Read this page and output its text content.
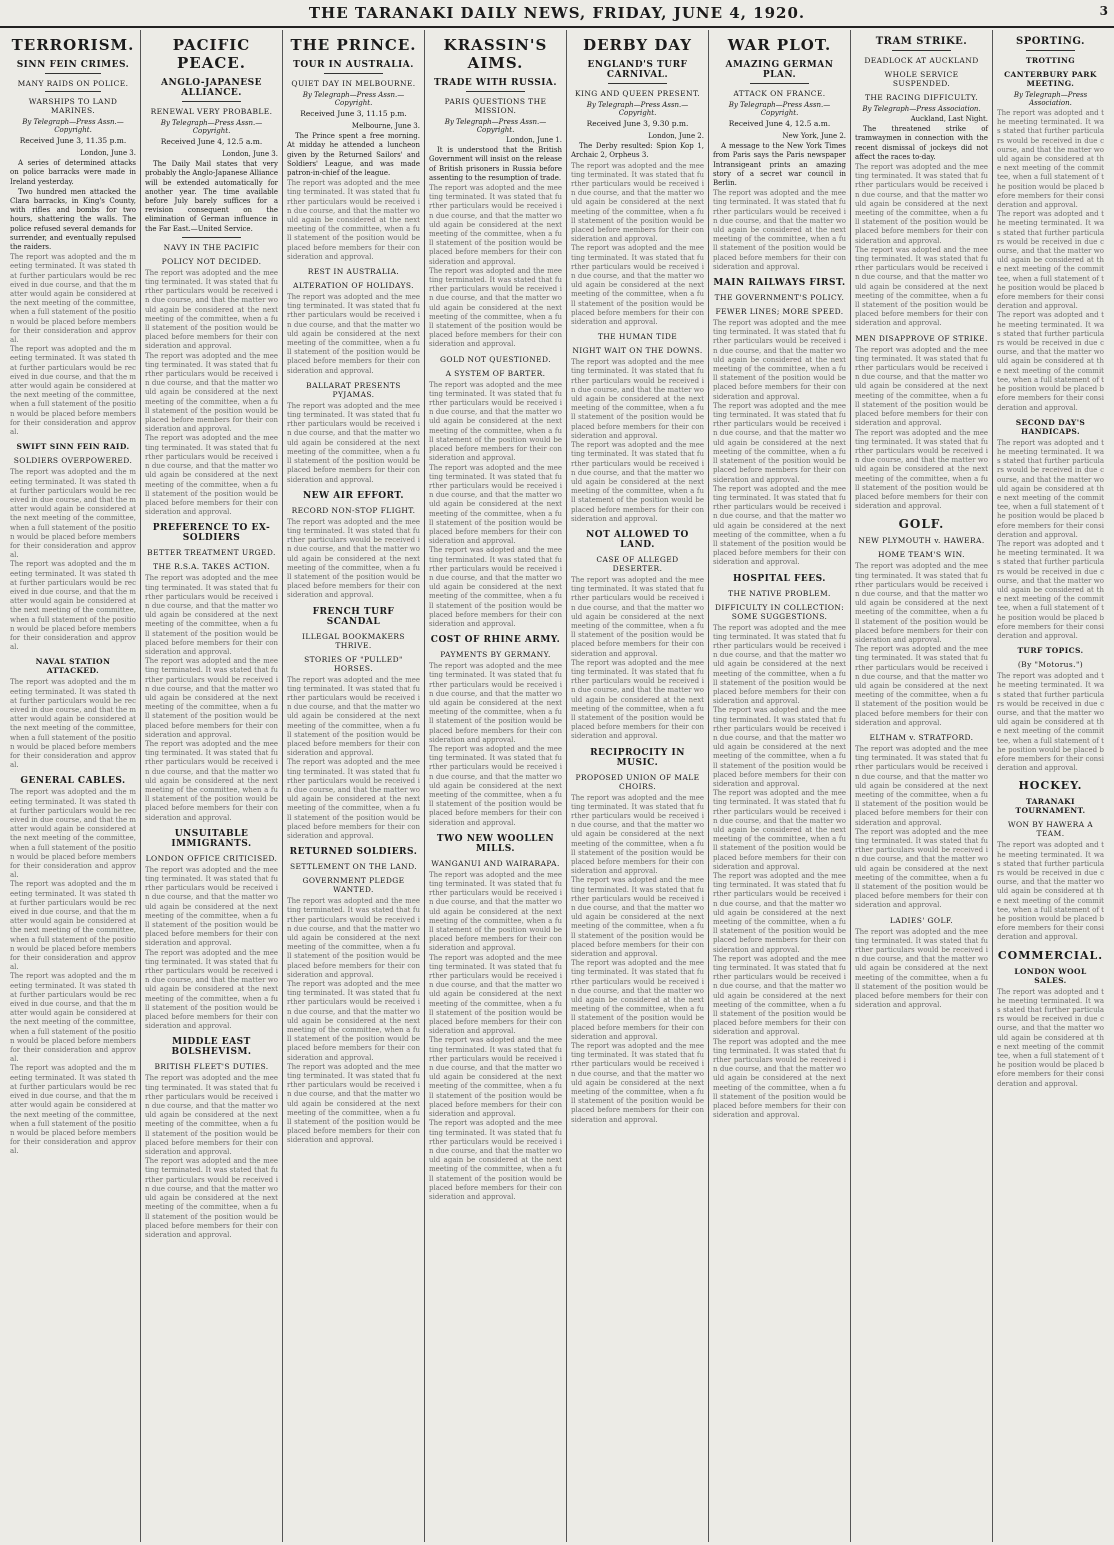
THE TARANAKI DAILY NEWS, FRIDAY, JUNE 4, 1920.	3
TERRORISM.
SINN FEIN CRIMES.
MANY RAIDS ON POLICE.
WARSHIPS TO LAND MARINES.
By Telegraph—Press Assn.—Copyright.
Received June 3, 11.35 p.m.

London, June 3.

A series of determined attacks on police barracks were made in Ireland yesterday.

Two hundred men attacked the Clara barracks, in King's County, with rifles and bombs for two hours, shattering the walls. The police refused several demands for surrender, and eventually repulsed the raiders.

The report was adopted and the meeting terminated. It was stated that further particulars would be received in due course, and that the matter would again be considered at the next meeting of the committee, when a full statement of the position would be placed before members for their consideration and approval.
The report was adopted and the meeting terminated. It was stated that further particulars would be received in due course, and that the matter would again be considered at the next meeting of the committee, when a full statement of the position would be placed before members for their consideration and approval.
SWIFT SINN FEIN RAID.
SOLDIERS OVERPOWERED.
The report was adopted and the meeting terminated. It was stated that further particulars would be received in due course, and that the matter would again be considered at the next meeting of the committee, when a full statement of the position would be placed before members for their consideration and approval.
The report was adopted and the meeting terminated. It was stated that further particulars would be received in due course, and that the matter would again be considered at the next meeting of the committee, when a full statement of the position would be placed before members for their consideration and approval.
NAVAL STATION ATTACKED.
The report was adopted and the meeting terminated. It was stated that further particulars would be received in due course, and that the matter would again be considered at the next meeting of the committee, when a full statement of the position would be placed before members for their consideration and approval.
GENERAL CABLES.
The report was adopted and the meeting terminated. It was stated that further particulars would be received in due course, and that the matter would again be considered at the next meeting of the committee, when a full statement of the position would be placed before members for their consideration and approval.
The report was adopted and the meeting terminated. It was stated that further particulars would be received in due course, and that the matter would again be considered at the next meeting of the committee, when a full statement of the position would be placed before members for their consideration and approval.
The report was adopted and the meeting terminated. It was stated that further particulars would be received in due course, and that the matter would again be considered at the next meeting of the committee, when a full statement of the position would be placed before members for their consideration and approval.
The report was adopted and the meeting terminated. It was stated that further particulars would be received in due course, and that the matter would again be considered at the next meeting of the committee, when a full statement of the position would be placed before members for their consideration and approval.
PACIFIC PEACE.
ANGLO-JAPANESE ALLIANCE.
RENEWAL VERY PROBABLE.
By Telegraph—Press Assn.—Copyright.
Received June 4, 12.5 a.m.

London, June 3.

The Daily Mail states that very probably the Anglo-Japanese Alliance will be extended automatically for another year. The time available before July barely suffices for a revision consequent on the elimination of German influence in the Far East.—United Service.

NAVY IN THE PACIFIC
POLICY NOT DECIDED.
The report was adopted and the meeting terminated. It was stated that further particulars would be received in due course, and that the matter would again be considered at the next meeting of the committee, when a full statement of the position would be placed before members for their consideration and approval.
The report was adopted and the meeting terminated. It was stated that further particulars would be received in due course, and that the matter would again be considered at the next meeting of the committee, when a full statement of the position would be placed before members for their consideration and approval.
The report was adopted and the meeting terminated. It was stated that further particulars would be received in due course, and that the matter would again be considered at the next meeting of the committee, when a full statement of the position would be placed before members for their consideration and approval.
PREFERENCE TO EX-SOLDIERS
BETTER TREATMENT URGED.
THE R.S.A. TAKES ACTION.
The report was adopted and the meeting terminated. It was stated that further particulars would be received in due course, and that the matter would again be considered at the next meeting of the committee, when a full statement of the position would be placed before members for their consideration and approval.
The report was adopted and the meeting terminated. It was stated that further particulars would be received in due course, and that the matter would again be considered at the next meeting of the committee, when a full statement of the position would be placed before members for their consideration and approval.
The report was adopted and the meeting terminated. It was stated that further particulars would be received in due course, and that the matter would again be considered at the next meeting of the committee, when a full statement of the position would be placed before members for their consideration and approval.
UNSUITABLE IMMIGRANTS.
LONDON OFFICE CRITICISED.
The report was adopted and the meeting terminated. It was stated that further particulars would be received in due course, and that the matter would again be considered at the next meeting of the committee, when a full statement of the position would be placed before members for their consideration and approval.
The report was adopted and the meeting terminated. It was stated that further particulars would be received in due course, and that the matter would again be considered at the next meeting of the committee, when a full statement of the position would be placed before members for their consideration and approval.
MIDDLE EAST BOLSHEVISM.
BRITISH FLEET'S DUTIES.
The report was adopted and the meeting terminated. It was stated that further particulars would be received in due course, and that the matter would again be considered at the next meeting of the committee, when a full statement of the position would be placed before members for their consideration and approval.
The report was adopted and the meeting terminated. It was stated that further particulars would be received in due course, and that the matter would again be considered at the next meeting of the committee, when a full statement of the position would be placed before members for their consideration and approval.
THE PRINCE.
TOUR IN AUSTRALIA.
QUIET DAY IN MELBOURNE.
By Telegraph—Press Assn.—Copyright.
Received June 3, 11.15 p.m.

Melbourne, June 3.

The Prince spent a free morning. At midday he attended a luncheon given by the Returned Sailors' and Soldiers' League, and was made patron-in-chief of the league.

The report was adopted and the meeting terminated. It was stated that further particulars would be received in due course, and that the matter would again be considered at the next meeting of the committee, when a full statement of the position would be placed before members for their consideration and approval.
REST IN AUSTRALIA.
ALTERATION OF HOLIDAYS.
The report was adopted and the meeting terminated. It was stated that further particulars would be received in due course, and that the matter would again be considered at the next meeting of the committee, when a full statement of the position would be placed before members for their consideration and approval.
BALLARAT PRESENTS PYJAMAS.
The report was adopted and the meeting terminated. It was stated that further particulars would be received in due course, and that the matter would again be considered at the next meeting of the committee, when a full statement of the position would be placed before members for their consideration and approval.
NEW AIR EFFORT.
RECORD NON-STOP FLIGHT.
The report was adopted and the meeting terminated. It was stated that further particulars would be received in due course, and that the matter would again be considered at the next meeting of the committee, when a full statement of the position would be placed before members for their consideration and approval.
FRENCH TURF SCANDAL
ILLEGAL BOOKMAKERS THRIVE.
STORIES OF "PULLED" HORSES.
The report was adopted and the meeting terminated. It was stated that further particulars would be received in due course, and that the matter would again be considered at the next meeting of the committee, when a full statement of the position would be placed before members for their consideration and approval.
The report was adopted and the meeting terminated. It was stated that further particulars would be received in due course, and that the matter would again be considered at the next meeting of the committee, when a full statement of the position would be placed before members for their consideration and approval.
RETURNED SOLDIERS.
SETTLEMENT ON THE LAND.
GOVERNMENT PLEDGE WANTED.
The report was adopted and the meeting terminated. It was stated that further particulars would be received in due course, and that the matter would again be considered at the next meeting of the committee, when a full statement of the position would be placed before members for their consideration and approval.
The report was adopted and the meeting terminated. It was stated that further particulars would be received in due course, and that the matter would again be considered at the next meeting of the committee, when a full statement of the position would be placed before members for their consideration and approval.
The report was adopted and the meeting terminated. It was stated that further particulars would be received in due course, and that the matter would again be considered at the next meeting of the committee, when a full statement of the position would be placed before members for their consideration and approval.
KRASSIN'S AIMS.
TRADE WITH RUSSIA.
PARIS QUESTIONS THE MISSION.
By Telegraph—Press Assn.—Copyright.

London, June 1.

It is understood that the British Government will insist on the release of British prisoners in Russia before assenting to the resumption of trade.

The report was adopted and the meeting terminated. It was stated that further particulars would be received in due course, and that the matter would again be considered at the next meeting of the committee, when a full statement of the position would be placed before members for their consideration and approval.
The report was adopted and the meeting terminated. It was stated that further particulars would be received in due course, and that the matter would again be considered at the next meeting of the committee, when a full statement of the position would be placed before members for their consideration and approval.
GOLD NOT QUESTIONED.
A SYSTEM OF BARTER.
The report was adopted and the meeting terminated. It was stated that further particulars would be received in due course, and that the matter would again be considered at the next meeting of the committee, when a full statement of the position would be placed before members for their consideration and approval.
The report was adopted and the meeting terminated. It was stated that further particulars would be received in due course, and that the matter would again be considered at the next meeting of the committee, when a full statement of the position would be placed before members for their consideration and approval.
The report was adopted and the meeting terminated. It was stated that further particulars would be received in due course, and that the matter would again be considered at the next meeting of the committee, when a full statement of the position would be placed before members for their consideration and approval.
COST OF RHINE ARMY.
PAYMENTS BY GERMANY.
The report was adopted and the meeting terminated. It was stated that further particulars would be received in due course, and that the matter would again be considered at the next meeting of the committee, when a full statement of the position would be placed before members for their consideration and approval.
The report was adopted and the meeting terminated. It was stated that further particulars would be received in due course, and that the matter would again be considered at the next meeting of the committee, when a full statement of the position would be placed before members for their consideration and approval.
TWO NEW WOOLLEN MILLS.
WANGANUI AND WAIRARAPA.
The report was adopted and the meeting terminated. It was stated that further particulars would be received in due course, and that the matter would again be considered at the next meeting of the committee, when a full statement of the position would be placed before members for their consideration and approval.
The report was adopted and the meeting terminated. It was stated that further particulars would be received in due course, and that the matter would again be considered at the next meeting of the committee, when a full statement of the position would be placed before members for their consideration and approval.
The report was adopted and the meeting terminated. It was stated that further particulars would be received in due course, and that the matter would again be considered at the next meeting of the committee, when a full statement of the position would be placed before members for their consideration and approval.
The report was adopted and the meeting terminated. It was stated that further particulars would be received in due course, and that the matter would again be considered at the next meeting of the committee, when a full statement of the position would be placed before members for their consideration and approval.
DERBY DAY
ENGLAND'S TURF CARNIVAL.
KING AND QUEEN PRESENT.
By Telegraph—Press Assn.—Copyright.
Received June 3, 9.30 p.m.

London, June 2.

The Derby resulted: Spion Kop 1, Archaic 2, Orpheus 3.

The report was adopted and the meeting terminated. It was stated that further particulars would be received in due course, and that the matter would again be considered at the next meeting of the committee, when a full statement of the position would be placed before members for their consideration and approval.
The report was adopted and the meeting terminated. It was stated that further particulars would be received in due course, and that the matter would again be considered at the next meeting of the committee, when a full statement of the position would be placed before members for their consideration and approval.
THE HUMAN TIDE
NIGHT WAIT ON THE DOWNS.
The report was adopted and the meeting terminated. It was stated that further particulars would be received in due course, and that the matter would again be considered at the next meeting of the committee, when a full statement of the position would be placed before members for their consideration and approval.
The report was adopted and the meeting terminated. It was stated that further particulars would be received in due course, and that the matter would again be considered at the next meeting of the committee, when a full statement of the position would be placed before members for their consideration and approval.
NOT ALLOWED TO LAND.
CASE OF ALLEGED DESERTER.
The report was adopted and the meeting terminated. It was stated that further particulars would be received in due course, and that the matter would again be considered at the next meeting of the committee, when a full statement of the position would be placed before members for their consideration and approval.
The report was adopted and the meeting terminated. It was stated that further particulars would be received in due course, and that the matter would again be considered at the next meeting of the committee, when a full statement of the position would be placed before members for their consideration and approval.
RECIPROCITY IN MUSIC.
PROPOSED UNION OF MALE CHOIRS.
The report was adopted and the meeting terminated. It was stated that further particulars would be received in due course, and that the matter would again be considered at the next meeting of the committee, when a full statement of the position would be placed before members for their consideration and approval.
The report was adopted and the meeting terminated. It was stated that further particulars would be received in due course, and that the matter would again be considered at the next meeting of the committee, when a full statement of the position would be placed before members for their consideration and approval.
The report was adopted and the meeting terminated. It was stated that further particulars would be received in due course, and that the matter would again be considered at the next meeting of the committee, when a full statement of the position would be placed before members for their consideration and approval.
The report was adopted and the meeting terminated. It was stated that further particulars would be received in due course, and that the matter would again be considered at the next meeting of the committee, when a full statement of the position would be placed before members for their consideration and approval.
WAR PLOT.
AMAZING GERMAN PLAN.
ATTACK ON FRANCE.
By Telegraph—Press Assn.—Copyright.
Received June 4, 12.5 a.m.

New York, June 2.

A message to the New York Times from Paris says the Paris newspaper Intransigeant prints an amazing story of a secret war council in Berlin.

The report was adopted and the meeting terminated. It was stated that further particulars would be received in due course, and that the matter would again be considered at the next meeting of the committee, when a full statement of the position would be placed before members for their consideration and approval.
MAIN RAILWAYS FIRST.
THE GOVERNMENT'S POLICY.
FEWER LINES; MORE SPEED.
The report was adopted and the meeting terminated. It was stated that further particulars would be received in due course, and that the matter would again be considered at the next meeting of the committee, when a full statement of the position would be placed before members for their consideration and approval.
The report was adopted and the meeting terminated. It was stated that further particulars would be received in due course, and that the matter would again be considered at the next meeting of the committee, when a full statement of the position would be placed before members for their consideration and approval.
The report was adopted and the meeting terminated. It was stated that further particulars would be received in due course, and that the matter would again be considered at the next meeting of the committee, when a full statement of the position would be placed before members for their consideration and approval.
HOSPITAL FEES.
THE NATIVE PROBLEM.
DIFFICULTY IN COLLECTION: SOME SUGGESTIONS.
The report was adopted and the meeting terminated. It was stated that further particulars would be received in due course, and that the matter would again be considered at the next meeting of the committee, when a full statement of the position would be placed before members for their consideration and approval.
The report was adopted and the meeting terminated. It was stated that further particulars would be received in due course, and that the matter would again be considered at the next meeting of the committee, when a full statement of the position would be placed before members for their consideration and approval.
The report was adopted and the meeting terminated. It was stated that further particulars would be received in due course, and that the matter would again be considered at the next meeting of the committee, when a full statement of the position would be placed before members for their consideration and approval.
The report was adopted and the meeting terminated. It was stated that further particulars would be received in due course, and that the matter would again be considered at the next meeting of the committee, when a full statement of the position would be placed before members for their consideration and approval.
The report was adopted and the meeting terminated. It was stated that further particulars would be received in due course, and that the matter would again be considered at the next meeting of the committee, when a full statement of the position would be placed before members for their consideration and approval.
The report was adopted and the meeting terminated. It was stated that further particulars would be received in due course, and that the matter would again be considered at the next meeting of the committee, when a full statement of the position would be placed before members for their consideration and approval.
TRAM STRIKE.
DEADLOCK AT AUCKLAND
WHOLE SERVICE SUSPENDED.
THE RACING DIFFICULTY.
By Telegraph—Press Association.

Auckland, Last Night.

The threatened strike of tramwaymen in connection with the recent dismissal of jockeys did not affect the races to-day.

The report was adopted and the meeting terminated. It was stated that further particulars would be received in due course, and that the matter would again be considered at the next meeting of the committee, when a full statement of the position would be placed before members for their consideration and approval.
The report was adopted and the meeting terminated. It was stated that further particulars would be received in due course, and that the matter would again be considered at the next meeting of the committee, when a full statement of the position would be placed before members for their consideration and approval.
MEN DISAPPROVE OF STRIKE.
The report was adopted and the meeting terminated. It was stated that further particulars would be received in due course, and that the matter would again be considered at the next meeting of the committee, when a full statement of the position would be placed before members for their consideration and approval.
The report was adopted and the meeting terminated. It was stated that further particulars would be received in due course, and that the matter would again be considered at the next meeting of the committee, when a full statement of the position would be placed before members for their consideration and approval.
GOLF.
NEW PLYMOUTH v. HAWERA.
HOME TEAM'S WIN.
The report was adopted and the meeting terminated. It was stated that further particulars would be received in due course, and that the matter would again be considered at the next meeting of the committee, when a full statement of the position would be placed before members for their consideration and approval.
The report was adopted and the meeting terminated. It was stated that further particulars would be received in due course, and that the matter would again be considered at the next meeting of the committee, when a full statement of the position would be placed before members for their consideration and approval.
ELTHAM v. STRATFORD.
The report was adopted and the meeting terminated. It was stated that further particulars would be received in due course, and that the matter would again be considered at the next meeting of the committee, when a full statement of the position would be placed before members for their consideration and approval.
The report was adopted and the meeting terminated. It was stated that further particulars would be received in due course, and that the matter would again be considered at the next meeting of the committee, when a full statement of the position would be placed before members for their consideration and approval.
LADIES' GOLF.
The report was adopted and the meeting terminated. It was stated that further particulars would be received in due course, and that the matter would again be considered at the next meeting of the committee, when a full statement of the position would be placed before members for their consideration and approval.
SPORTING.
TROTTING
CANTERBURY PARK MEETING.
By Telegraph—Press Association.
The report was adopted and the meeting terminated. It was stated that further particulars would be received in due course, and that the matter would again be considered at the next meeting of the committee, when a full statement of the position would be placed before members for their consideration and approval.
The report was adopted and the meeting terminated. It was stated that further particulars would be received in due course, and that the matter would again be considered at the next meeting of the committee, when a full statement of the position would be placed before members for their consideration and approval.
The report was adopted and the meeting terminated. It was stated that further particulars would be received in due course, and that the matter would again be considered at the next meeting of the committee, when a full statement of the position would be placed before members for their consideration and approval.
SECOND DAY'S HANDICAPS.
The report was adopted and the meeting terminated. It was stated that further particulars would be received in due course, and that the matter would again be considered at the next meeting of the committee, when a full statement of the position would be placed before members for their consideration and approval.
The report was adopted and the meeting terminated. It was stated that further particulars would be received in due course, and that the matter would again be considered at the next meeting of the committee, when a full statement of the position would be placed before members for their consideration and approval.
TURF TOPICS.
(By "Motorus.")
The report was adopted and the meeting terminated. It was stated that further particulars would be received in due course, and that the matter would again be considered at the next meeting of the committee, when a full statement of the position would be placed before members for their consideration and approval.
HOCKEY.
TARANAKI TOURNAMENT.
WON BY HAWERA A TEAM.
The report was adopted and the meeting terminated. It was stated that further particulars would be received in due course, and that the matter would again be considered at the next meeting of the committee, when a full statement of the position would be placed before members for their consideration and approval.
COMMERCIAL.
LONDON WOOL SALES.
The report was adopted and the meeting terminated. It was stated that further particulars would be received in due course, and that the matter would again be considered at the next meeting of the committee, when a full statement of the position would be placed before members for their consideration and approval.
